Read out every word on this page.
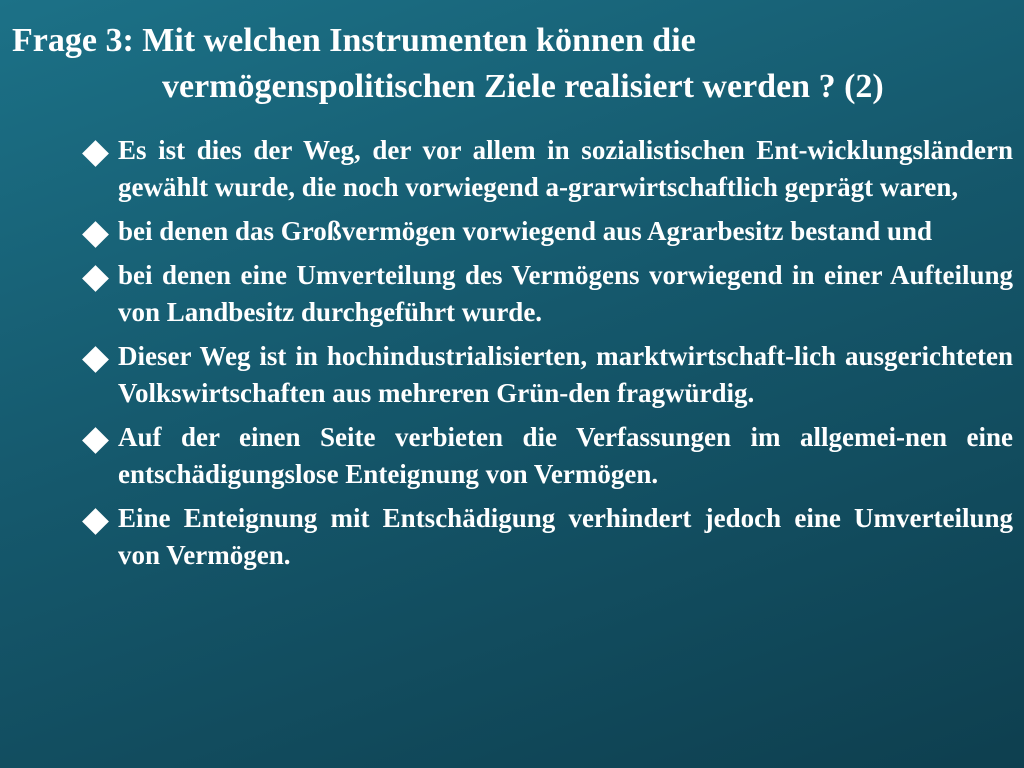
Frage 3: Mit welchen Instrumenten können die
vermögenspolitischen Ziele realisiert werden ? (2)
Es ist dies der Weg, der vor allem in sozialistischen Ent-wicklungsländern gewählt wurde, die noch vorwiegend a-grarwirtschaftlich geprägt waren,
bei denen das Großvermögen vorwiegend aus Agrarbesitz bestand und
bei denen eine Umverteilung des Vermögens vorwiegend in einer Aufteilung von Landbesitz durchgeführt wurde.
Dieser Weg ist in hochindustrialisierten, marktwirtschaft-lich ausgerichteten Volkswirtschaften aus mehreren Grün-den fragwürdig.
Auf der einen Seite verbieten die Verfassungen im allgemei-nen eine entschädigungslose Enteignung von Vermögen.
Eine Enteignung mit Entschädigung verhindert jedoch eine Umverteilung von Vermögen.
